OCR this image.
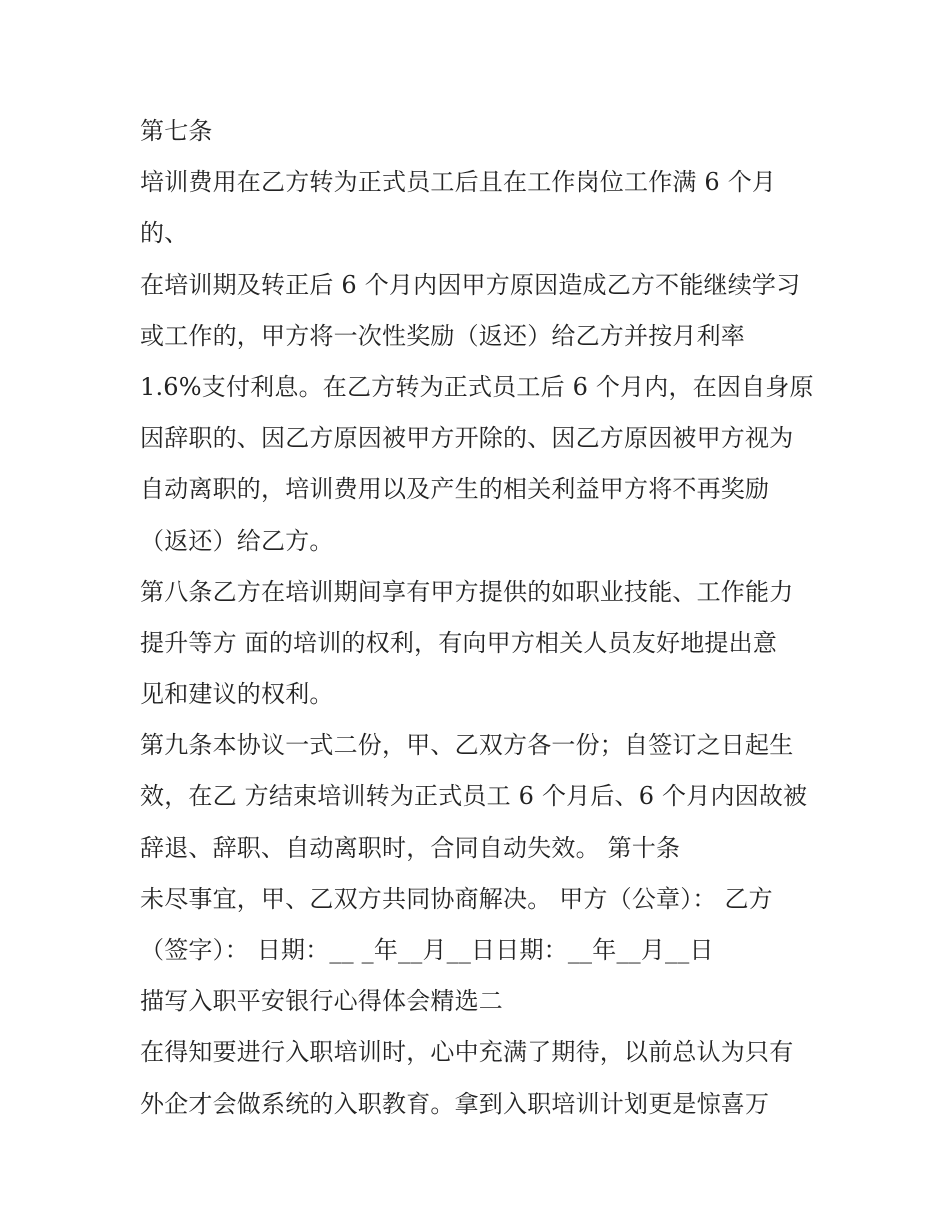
第七条
培训费用在乙方转为正式员工后且在工作岗位工作满 6 个月
的、
在培训期及转正后 6 个月内因甲方原因造成乙方不能继续学习
或工作的，甲方将一次性奖励（返还）给乙方并按月利率
1.6%支付利息。在乙方转为正式员工后 6 个月内，在因自身原
因辞职的、因乙方原因被甲方开除的、因乙方原因被甲方视为
自动离职的，培训费用以及产生的相关利益甲方将不再奖励
（返还）给乙方。
第八条乙方在培训期间享有甲方提供的如职业技能、工作能力
提升等方 面的培训的权利，有向甲方相关人员友好地提出意
见和建议的权利。
第九条本协议一式二份，甲、乙双方各一份；自签订之日起生
效，在乙 方结束培训转为正式员工 6 个月后、6 个月内因故被
辞退、辞职、自动离职时，合同自动失效。 第十条
未尽事宜，甲、乙双方共同协商解决。 甲方（公章）： 乙方
（签字）： 日期：__ _年__月__日日期：__年__月__日
描写入职平安银行心得体会精选二
在得知要进行入职培训时，心中充满了期待，以前总认为只有
外企才会做系统的入职教育。拿到入职培训计划更是惊喜万
